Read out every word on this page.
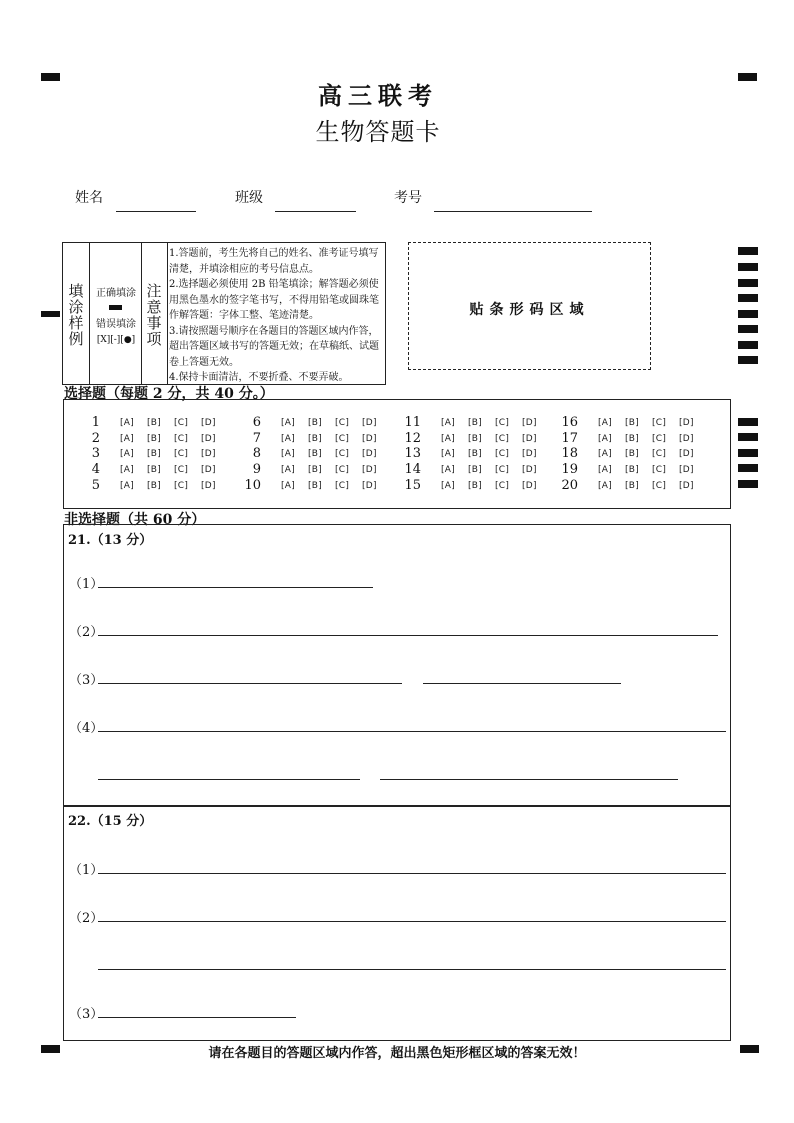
高三联考
生物答题卡
姓名	班级	考号
填
涂
样
例
正确填涂
错误填涂
[X][-][●]
注
意
事
项
1.答题前，考生先将自己的姓名、准考证号填写清楚，并填涂相应的考号信息点。
2.选择题必须使用 2B 铅笔填涂；解答题必须使用黑色墨水的签字笔书写，不得用铅笔或圆珠笔作解答题：字体工整、笔迹清楚。
3.请按照题号顺序在各题目的答题区域内作答，超出答题区域书写的答题无效；在草稿纸、试题卷上答题无效。
4.保持卡面清洁，不要折叠、不要弄破。
贴条形码区域
选择题（每题 2 分，共 40 分。）
1 [A] [B] [C] [D]
2 [A] [B] [C] [D]
3 [A] [B] [C] [D]
4 [A] [B] [C] [D]
5 [A] [B] [C] [D]
6 [A] [B] [C] [D]
7 [A] [B] [C] [D]
8 [A] [B] [C] [D]
9 [A] [B] [C] [D]
10 [A] [B] [C] [D]
11 [A] [B] [C] [D]
12 [A] [B] [C] [D]
13 [A] [B] [C] [D]
14 [A] [B] [C] [D]
15 [A] [B] [C] [D]
16 [A] [B] [C] [D]
17 [A] [B] [C] [D]
18 [A] [B] [C] [D]
19 [A] [B] [C] [D]
20 [A] [B] [C] [D]
非选择题（共 60 分）
21.（13 分）
（1）
（2）
（3）
（4）
22.（15 分）
（1）
（2）
（3）
请在各题目的答题区域内作答，超出黑色矩形框区域的答案无效！
